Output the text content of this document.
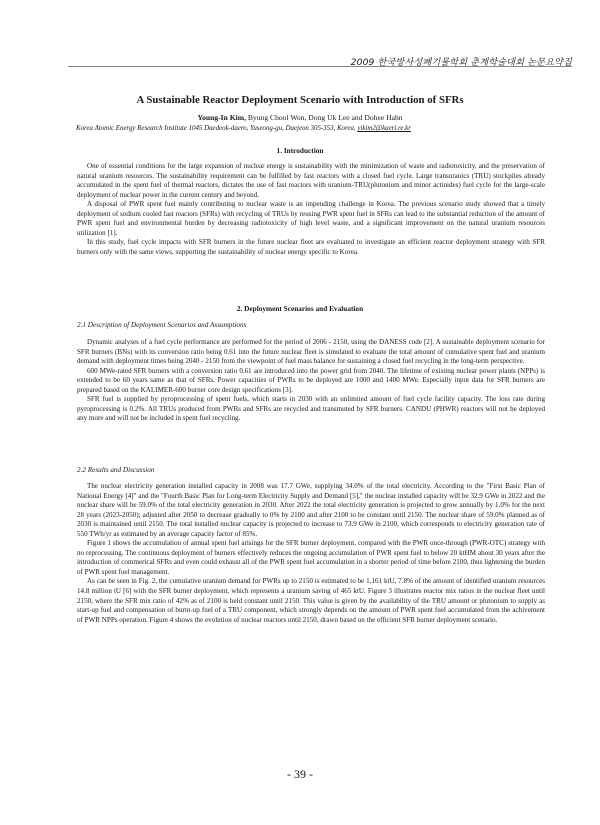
2009 한국방사성폐기물학회 춘계학술대회 논문요약집
A Sustainable Reactor Deployment Scenario with Introduction of SFRs
Young-In Kim, Byung Chool Won, Dong Uk Lee and Dohee Hahn
Korea Atomic Energy Research Institute 1045 Daedeok-daero, Yuseong-gu, Daejeon 305-353, Korea, yikim2@kaeri.re.kr
1. Introduction

One of essential conditions for the large expansion of nuclear energy is sustainability with the minimization of waste and radiotoxicity, and the preservation of natural uranium resources. The sustainability requirement can be fulfilled by fast reactors with a closed fuel cycle. Large transuranics (TRU) stockpiles already accumulated in the spent fuel of thermal reactors, dictates the use of fast reactors with uranium-TRU(plutonium and minor actinides) fuel cycle for the large-scale deployment of nuclear power in the current century and beyond.

A disposal of PWR spent fuel mainly contributing to nuclear waste is an impending challenge in Korea. The previous scenario study showed that a timely deployment of sodium cooled fast reactors (SFRs) with recycling of TRUs by reusing PWR spent fuel in SFRs can lead to the substantial reduction of the amount of PWR spent fuel and environmental burden by decreasing radiotoxicity of high level waste, and a significant improvement on the natural uranium resources utilization [1].

In this study, fuel cycle impacts with SFR burners in the future nuclear fleet are evaluated to investigate an efficient reactor deployment strategy with SFR burners only with the same views, supporting the sustainability of nuclear energy specific to Korea.

2. Deployment Scenarios and Evaluation
2.1 Description of Deployment Scenarios and Assumptions

Dynamic analyses of a fuel cycle performance are performed for the period of 2006 - 2150, using the DANESS code [2]. A sustainable deployment scenario for SFR burners (BNs) with its conversion ratio being 0.61 into the future nuclear fleet is simulated to evaluate the total amount of cumulative spent fuel and uranium demand with deployment times being 2040 - 2150 from the viewpoint of fuel mass balance for sustaining a closed fuel recycling in the long-term perspective.

600 MWe-rated SFR burners with a conversion ratio 0.61 are introduced into the power grid from 2040. The lifetime of existing nuclear power plants (NPPs) is extended to be 60 years same as that of SFRs. Power capacities of PWRs to be deployed are 1000 and 1400 MWe. Especially input data for SFR burners are prepared based on the KALIMER-600 burner core design specifications [3].

SFR fuel is supplied by pyroprocessing of spent fuels, which starts in 2030 with an unlimited amount of fuel cycle facility capacity. The loss rate during pyroprocessing is 0.2%. All TRUs produced from PWRs and SFRs are recycled and transmuted by SFR burners. CANDU (PHWR) reactors will not be deployed any more and will not be included in spent fuel recycling.

2.2 Results and Discussion

The nuclear electricity generation installed capacity in 2008 was 17.7 GWe, supplying 34.0% of the total electricity. According to the "First Basic Plan of National Energy [4]" and the "Fourth Basic Plan for Long-term Electricity Supply and Demand [5]," the nuclear installed capacity will be 32.9 GWe in 2022 and the nuclear share will be 59.0% of the total electricity generation in 2030. After 2022 the total electricity generation is projected to grow annually by 1.0% for the next 28 years (2023-2050); adjusted after 2050 to decrease gradually to 0% by 2100 and after 2100 to be constant until 2150. The nuclear share of 59.0% planned as of 2030 is maintained until 2150. The total installed nuclear capacity is projected to increase to 73.9 GWe in 2100, which corresponds to electricity generation rate of 550 TWh/yr as estimated by an average capacity factor of 85%.

Figure 1 shows the accumulation of annual spent fuel arisings for the SFR burner deployment, compared with the PWR once-through (PWR-OTC) strategy with no reprocessing. The continuous deployment of burners effectively reduces the ongoing accumulation of PWR spent fuel to below 20 ktHM about 30 years after the introduction of commerical SFRs and even could exhaust all of the PWR spent fuel accumulation in a shorter period of time before 2100, thus lightening the burden of PWR spent fuel management.

As can be seen in Fig. 2, the cumulative uranium demand for PWRs up to 2150 is estimated to be 1,161 ktU, 7.8% of the amount of identified uranium resources 14.8 million tU [6] with the SFR burner deployment, which represents a uranium saving of 465 ktU. Figure 3 illustrates reactor mix ratios in the nuclear fleet until 2150, where the SFR mix ratio of 42% as of 2100 is held constant until 2150. This value is given by the availability of the TRU amount or plutonium to supply as start-up fuel and compensation of burnt-up fuel of a TRU component, which strongly depends on the amount of PWR spent fuel accumulated from the achivement of PWR NPPs operation. Figure 4 shows the evolution of nuclear reactors until 2150, drawn based on the efficient SFR burner deployment scenario.

- 39 -
